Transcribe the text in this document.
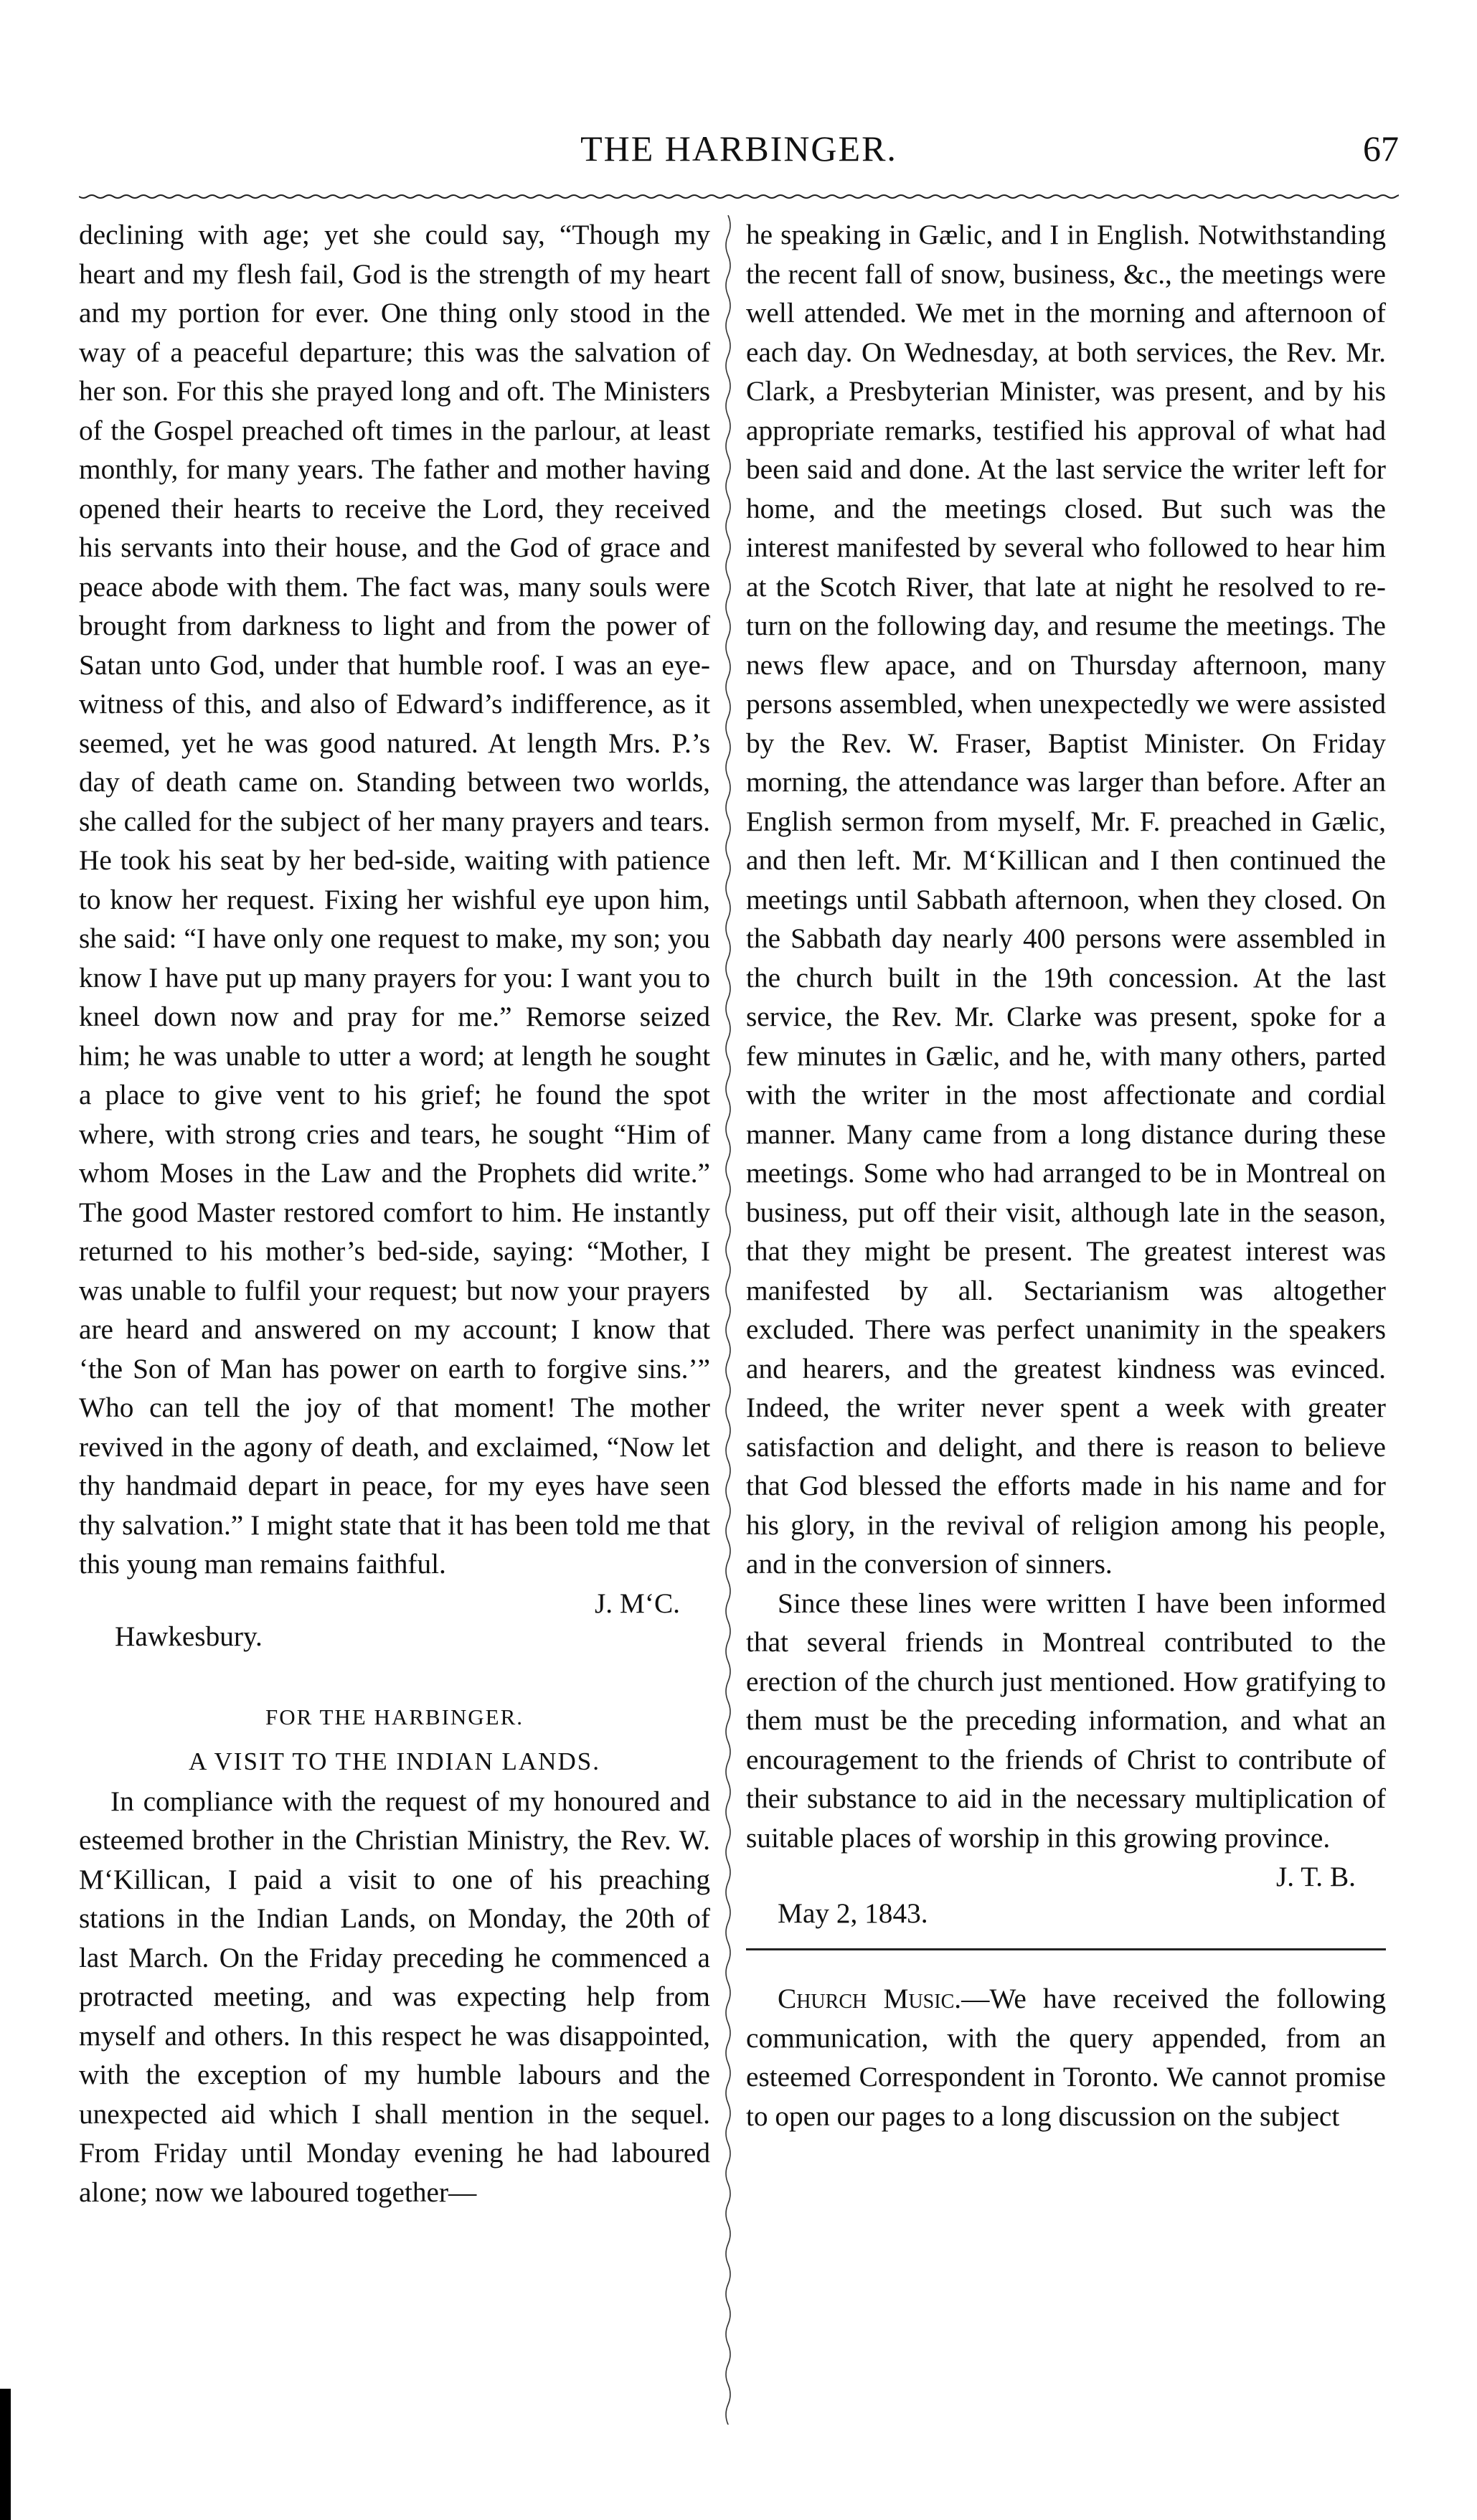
THE HARBINGER.	67

declining with age; yet she could say, “Though my heart and my flesh fail, God is the strength of my heart and my portion for ever. One thing only stood in the way of a peaceful departure; this was the salvation of her son. For this she prayed long and oft. The Ministers of the Gospel preached oft times in the parlour, at least monthly, for many years. The father and mother having opened their hearts to receive the Lord, they received his servants into their house, and the God of grace and peace abode with them. The fact was, many souls were brought from darkness to light and from the power of Satan unto God, under that humble roof. I was an eye-witness of this, and also of Edward’s indifference, as it seemed, yet he was good natured. At length Mrs. P.’s day of death came on. Standing between two worlds, she called for the subject of her many prayers and tears. He took his seat by her bed-side, waiting with patience to know her request. Fixing her wishful eye upon him, she said: “I have only one request to make, my son; you know I have put up many prayers for you: I want you to kneel down now and pray for me.” Remorse seized him; he was unable to utter a word; at length he sought a place to give vent to his grief; he found the spot where, with strong cries and tears, he sought “Him of whom Moses in the Law and the Prophets did write.” The good Master restored comfort to him. He instantly returned to his mother’s bed-side, saying: “Mother, I was unable to fulfil your request; but now your prayers are heard and answered on my account; I know that ‘the Son of Man has power on earth to forgive sins.’” Who can tell the joy of that moment! The mother revived in the agony of death, and exclaimed, “Now let thy handmaid depart in peace, for my eyes have seen thy salvation.” I might state that it has been told me that this young man remains faithful.

J. M‘C.

Hawkesbury.

FOR THE HARBINGER.

A VISIT TO THE INDIAN LANDS.

In compliance with the request of my honoured and esteemed brother in the Christian Ministry, the Rev. W. M‘Killican, I paid a visit to one of his preaching stations in the Indian Lands, on Monday, the 20th of last March. On the Friday preceding he commenced a protracted meeting, and was expecting help from myself and others. In this respect he was disappointed, with the exception of my humble labours and the unexpected aid which I shall mention in the sequel. From Friday until Monday evening he had laboured alone; now we laboured together—

he speaking in Gælic, and I in English. Notwithstanding the recent fall of snow, business, &c., the meetings were well attended. We met in the morning and afternoon of each day. On Wednesday, at both services, the Rev. Mr. Clark, a Presbyterian Minister, was present, and by his appropriate remarks, testified his approval of what had been said and done. At the last service the writer left for home, and the meetings closed. But such was the interest manifested by several who followed to hear him at the Scotch River, that late at night he resolved to return on the following day, and resume the meetings. The news flew apace, and on Thursday afternoon, many persons assembled, when unexpectedly we were assisted by the Rev. W. Fraser, Baptist Minister. On Friday morning, the attendance was larger than before. After an English sermon from myself, Mr. F. preached in Gælic, and then left. Mr. M‘Killican and I then continued the meetings until Sabbath afternoon, when they closed. On the Sabbath day nearly 400 persons were assembled in the church built in the 19th concession. At the last service, the Rev. Mr. Clarke was present, spoke for a few minutes in Gælic, and he, with many others, parted with the writer in the most affectionate and cordial manner. Many came from a long distance during these meetings. Some who had arranged to be in Montreal on business, put off their visit, although late in the season, that they might be present. The greatest interest was manifested by all. Sectarianism was altogether excluded. There was perfect unanimity in the speakers and hearers, and the greatest kindness was evinced. Indeed, the writer never spent a week with greater satisfaction and delight, and there is reason to believe that God blessed the efforts made in his name and for his glory, in the revival of religion among his people, and in the conversion of sinners.

Since these lines were written I have been informed that several friends in Montreal contributed to the erection of the church just mentioned. How gratifying to them must be the preceding information, and what an encouragement to the friends of Christ to contribute of their substance to aid in the necessary multiplication of suitable places of worship in this growing province.

J. T. B.

May 2, 1843.

Church Music.—We have received the following communication, with the query appended, from an esteemed Correspondent in Toronto. We cannot promise to open our pages to a long discussion on the subject
